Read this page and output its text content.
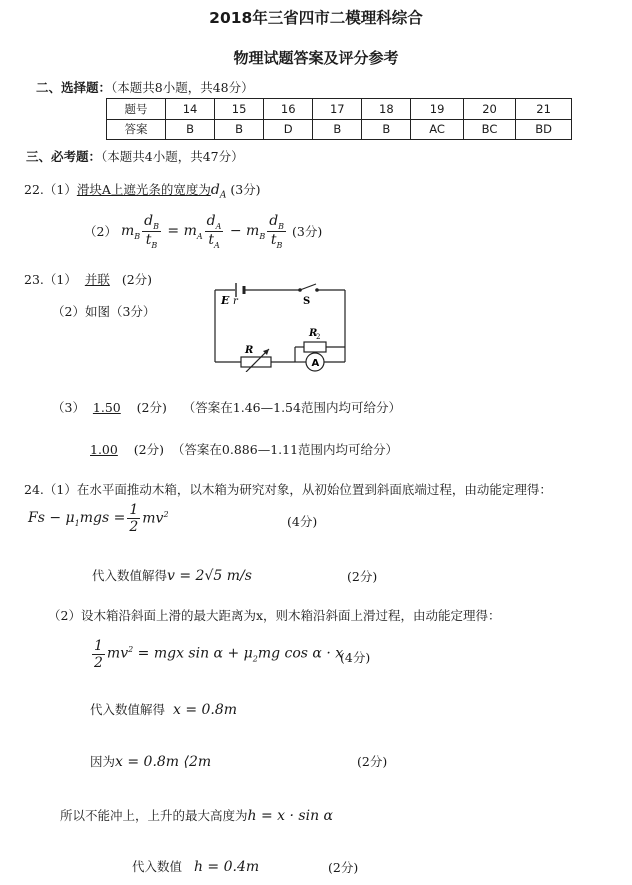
2018年三省四市二模理科综合
物理试题答案及评分参考
二、选择题：（本题共8小题，共48分）
题号	14	15	16	17	18	19	20	21
答案	B	B	D	B	B	AC	BC	BD
三、必考题：（本题共4小题，共47分）
22.（1）滑块A上遮光条的宽度为$d_A$ (3分)
（2）
$m_B \frac{d_B}{t_B} = m_A \frac{d_A}{t_A} - m_B \frac{d_B}{t_B}$
(3分)
23.（1） 并联 (2分)
（2）如图（3分）
E r	S
R
2
R
A
（3） 1.50 (2分) （答案在1.46—1.54范围内均可给分）
1.00 (2分) （答案在0.886—1.11范围内均可给分）
24.（1）在水平面推动木箱，以木箱为研究对象，从初始位置到斜面底端过程，由动能定理得：
$Fs - \mu_1mgs = \frac{1}{2} mv^2$	(4分)
代入数值解得v = 2√5 m/s	(2分)
（2）设木箱沿斜面上滑的最大距离为x，则木箱沿斜面上滑过程，由动能定理得：
$\frac{1}{2} mv^2$ = mgx $\sin \alpha + \mu_2mg$ cos α · x
(4分)
代入数值解得 x = 0.8m
因为x = 0.8m ⟨2m	(2分)
所以不能冲上，上升的最大高度为h = x · sin α
代入数值 h = 0.4m	(2分)
